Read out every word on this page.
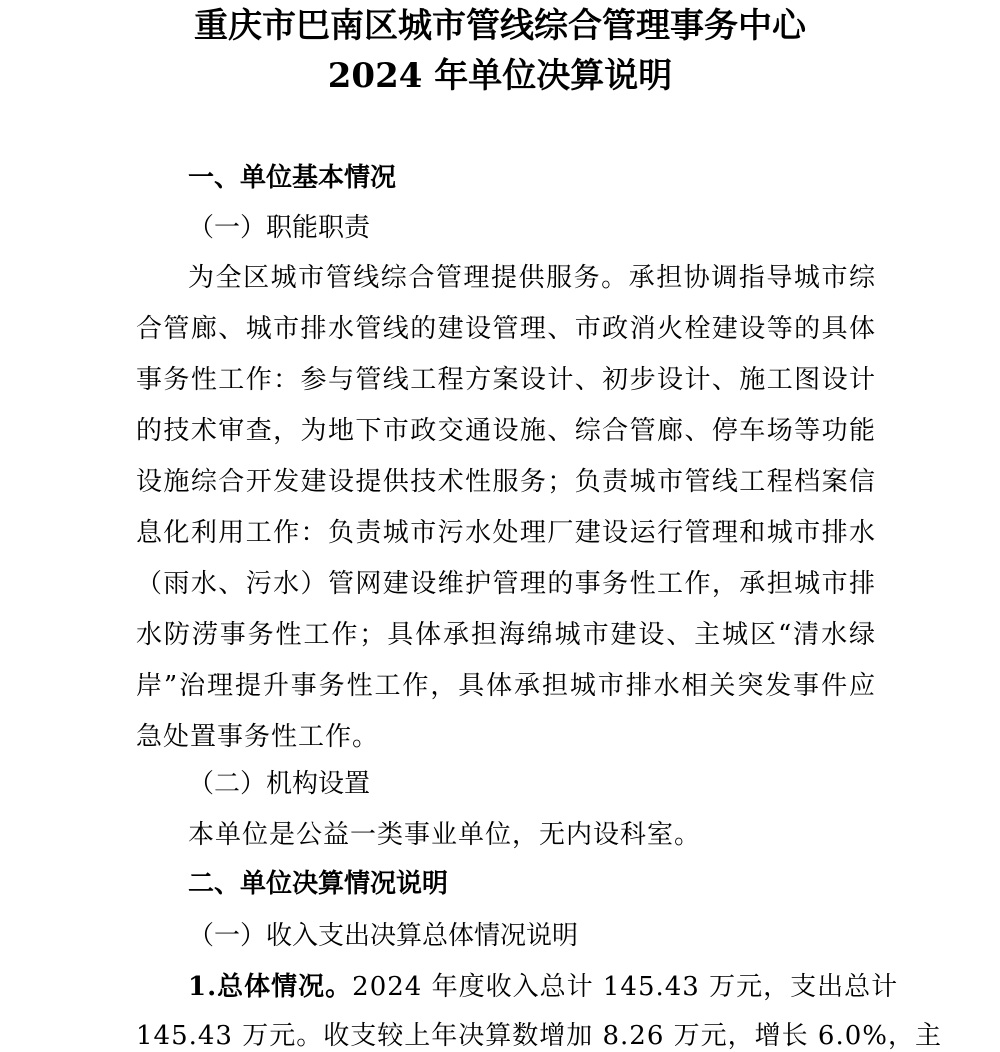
重庆市巴南区城市管线综合管理事务中心
2024 年单位决算说明
一、单位基本情况
（一）职能职责
为全区城市管线综合管理提供服务。承担协调指导城市综
合管廊、城市排水管线的建设管理、市政消火栓建设等的具体
事务性工作：参与管线工程方案设计、初步设计、施工图设计
的技术审查，为地下市政交通设施、综合管廊、停车场等功能
设施综合开发建设提供技术性服务；负责城市管线工程档案信
息化利用工作：负责城市污水处理厂建设运行管理和城市排水
（雨水、污水）管网建设维护管理的事务性工作，承担城市排
水防涝事务性工作；具体承担海绵城市建设、主城区“清水绿
岸”治理提升事务性工作，具体承担城市排水相关突发事件应
急处置事务性工作。
（二）机构设置
本单位是公益一类事业单位，无内设科室。
二、单位决算情况说明
（一）收入支出决算总体情况说明
1.总体情况。2024 年度收入总计 145.43 万元，支出总计
145.43 万元。收支较上年决算数增加 8.26 万元，增长 6.0%，主
